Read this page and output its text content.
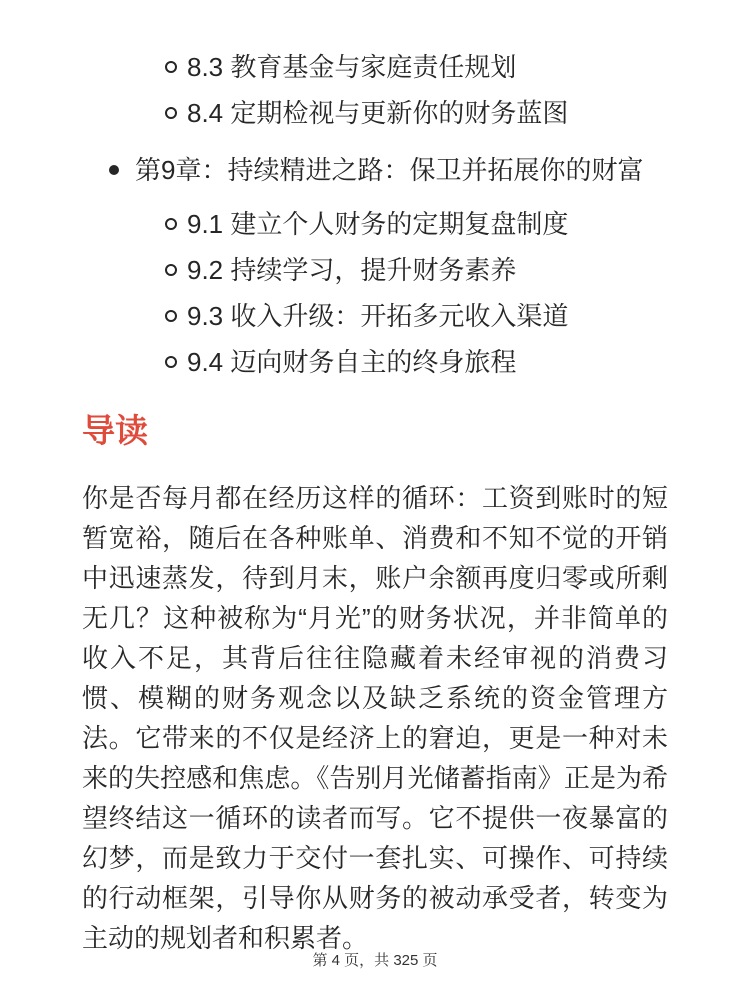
8.3 教育基金与家庭责任规划
8.4 定期检视与更新你的财务蓝图
第9章：持续精进之路：保卫并拓展你的财富
9.1 建立个人财务的定期复盘制度
9.2 持续学习，提升财务素养
9.3 收入升级：开拓多元收入渠道
9.4 迈向财务自主的终身旅程
导读

你是否每月都在经历这样的循环：工资到账时的短暂宽裕，随后在各种账单、消费和不知不觉的开销中迅速蒸发，待到月末，账户余额再度归零或所剩无几？这种被称为“月光”的财务状况，并非简单的收入不足，其背后往往隐藏着未经审视的消费习惯、模糊的财务观念以及缺乏系统的资金管理方法。它带来的不仅是经济上的窘迫，更是一种对未来的失控感和焦虑。《告别月光储蓄指南》正是为希望终结这一循环的读者而写。它不提供一夜暴富的幻梦，而是致力于交付一套扎实、可操作、可持续的行动框架，引导你从财务的被动承受者，转变为主动的规划者和积累者。

第 4 页，共 325 页
